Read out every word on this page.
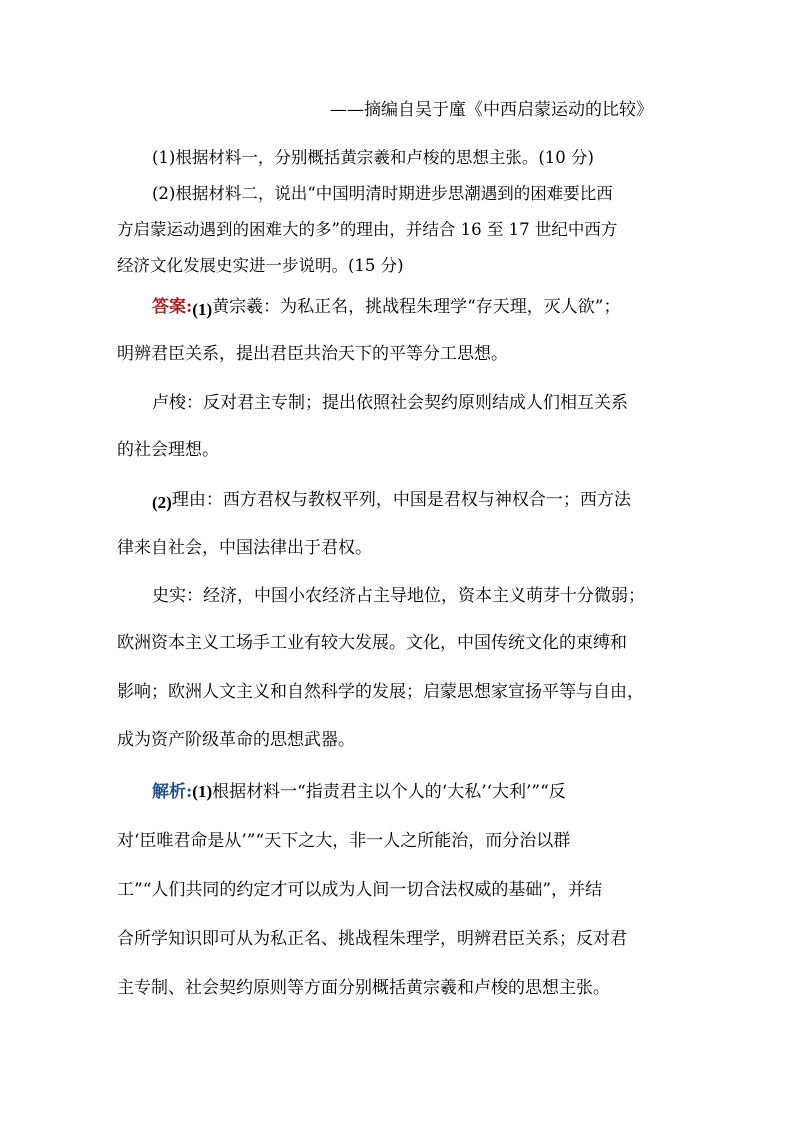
——摘编自吴于廑《中西启蒙运动的比较》
(1)根据材料一，分别概括黄宗羲和卢梭的思想主张。(10 分)
(2)根据材料二，说出“中国明清时期进步思潮遇到的困难要比西
方启蒙运动遇到的困难大的多”的理由，并结合 16 至 17 世纪中西方
经济文化发展史实进一步说明。(15 分)
答案:(1)黄宗羲：为私正名，挑战程朱理学“存天理，灭人欲”；
明辨君臣关系，提出君臣共治天下的平等分工思想。
卢梭：反对君主专制；提出依照社会契约原则结成人们相互关系
的社会理想。
(2)理由：西方君权与教权平列，中国是君权与神权合一；西方法
律来自社会，中国法律出于君权。
史实：经济，中国小农经济占主导地位，资本主义萌芽十分微弱；
欧洲资本主义工场手工业有较大发展。文化，中国传统文化的束缚和
影响；欧洲人文主义和自然科学的发展；启蒙思想家宣扬平等与自由，
成为资产阶级革命的思想武器。
解析:(1)根据材料一“指责君主以个人的‘大私’‘大利’”“反
对‘臣唯君命是从’”“天下之大，非一人之所能治，而分治以群
工”“人们共同的约定才可以成为人间一切合法权威的基础”，并结
合所学知识即可从为私正名、挑战程朱理学，明辨君臣关系；反对君
主专制、社会契约原则等方面分别概括黄宗羲和卢梭的思想主张。
